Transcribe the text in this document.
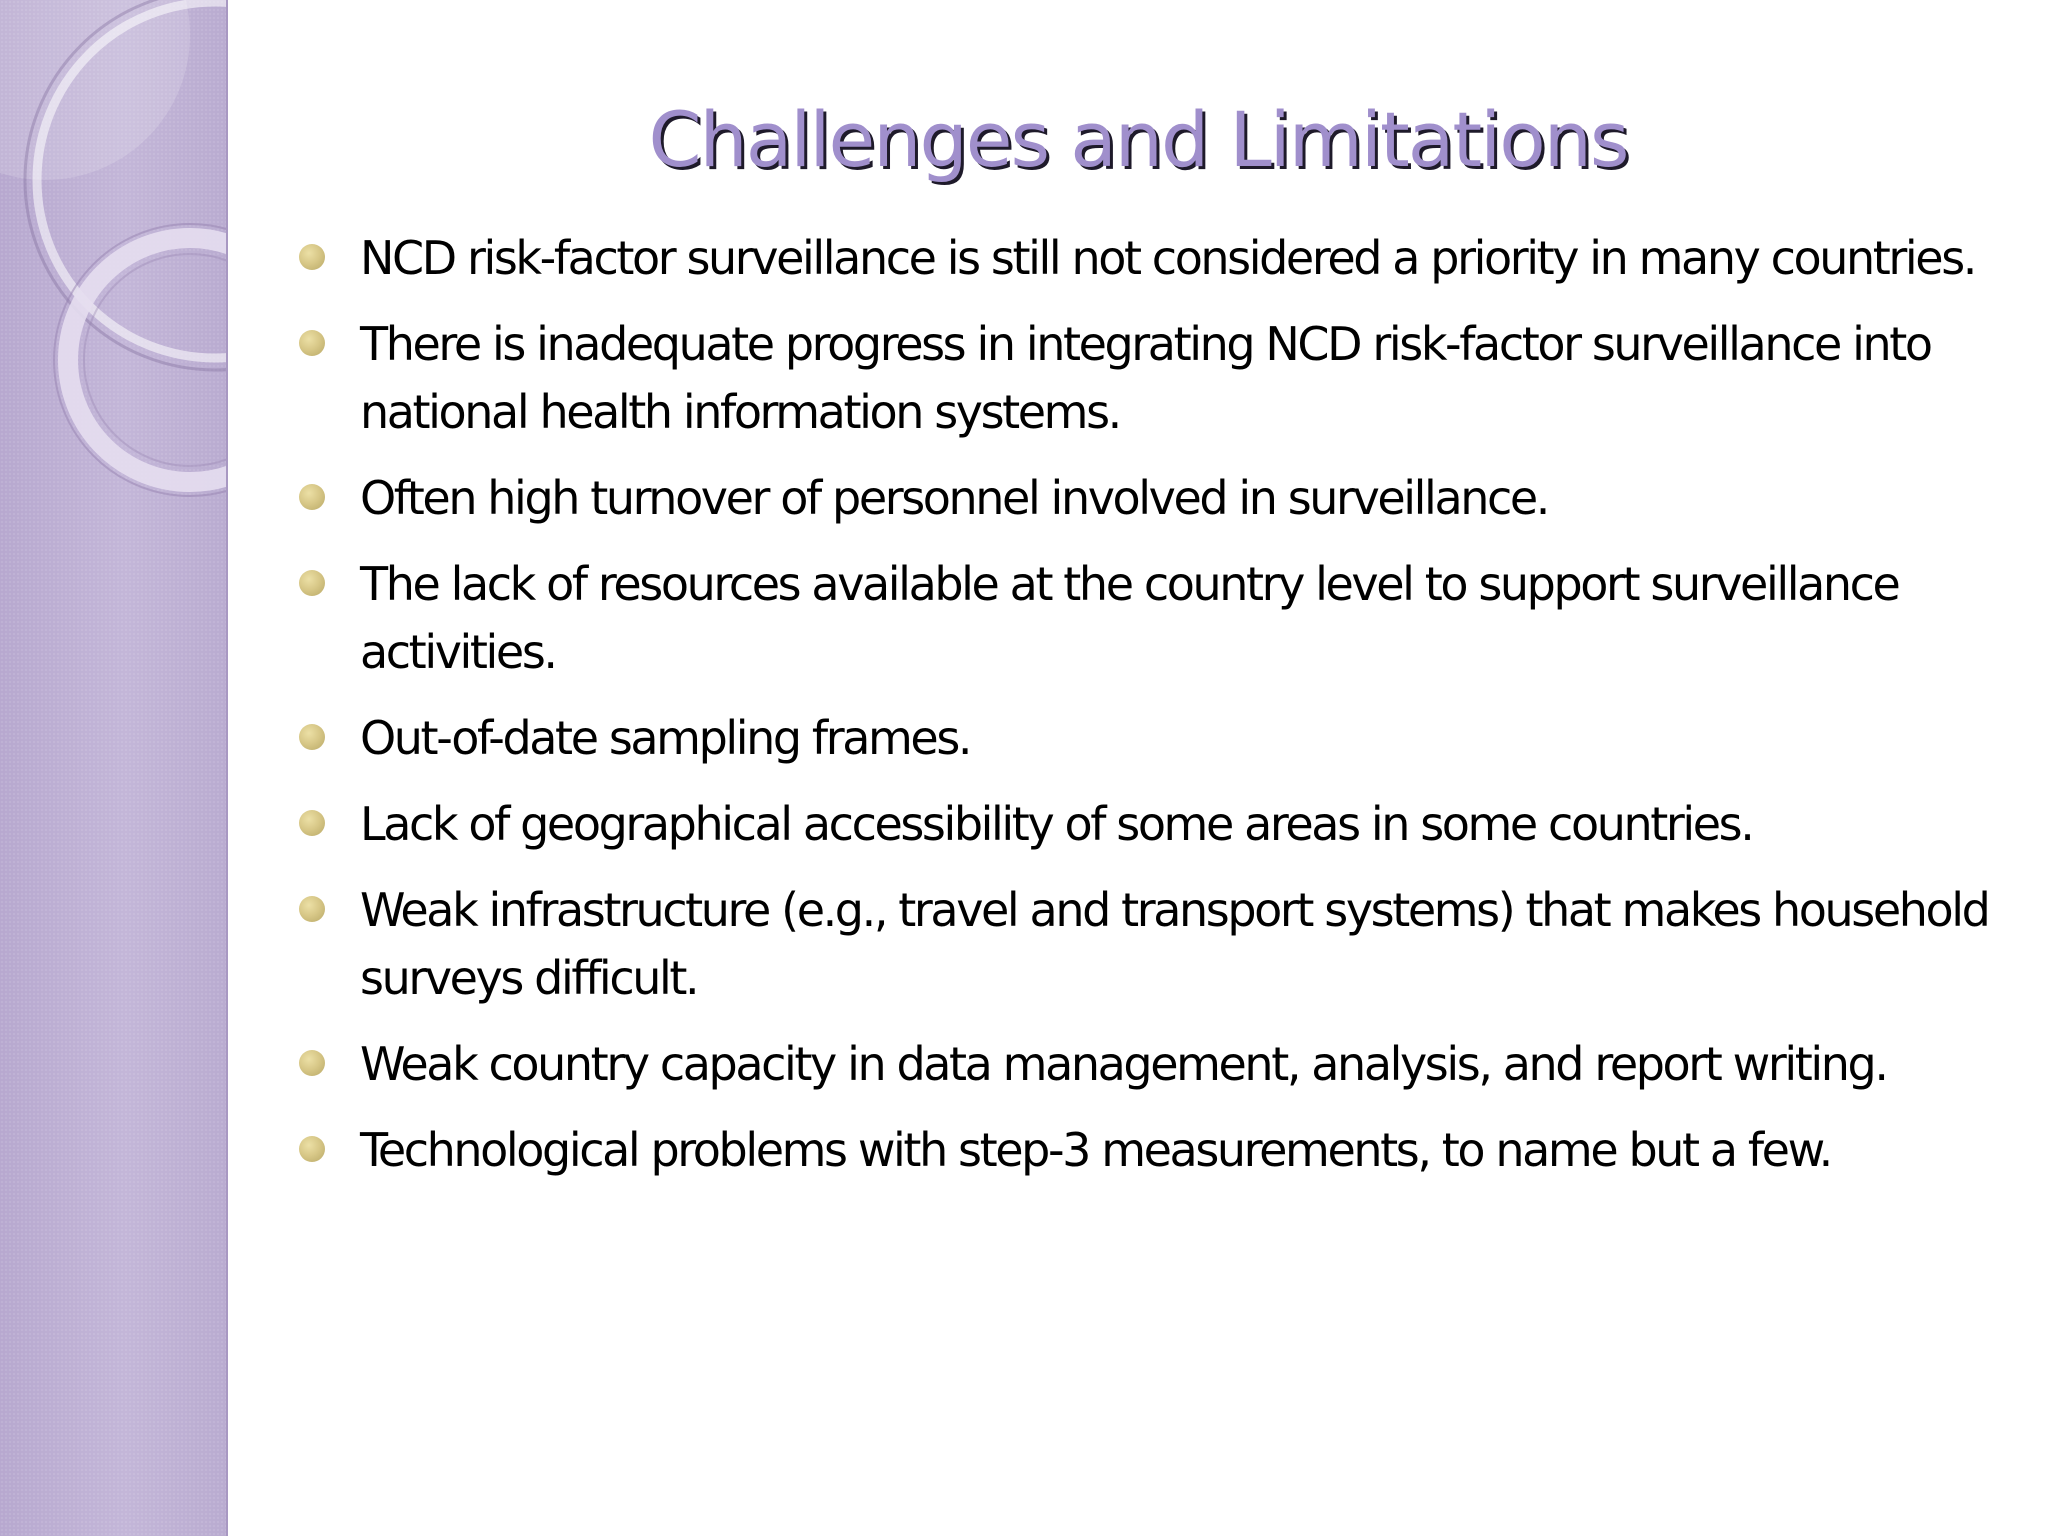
Challenges and Limitations
NCD risk-factor surveillance is still not considered a priority in many countries.
There is inadequate progress in integrating NCD risk-factor surveillance into national health information systems.
Often high turnover of personnel involved in surveillance.
The lack of resources available at the country level to support surveillance activities.
Out-of-date sampling frames.
Lack of geographical accessibility of some areas in some countries.
Weak infrastructure (e.g., travel and transport systems) that makes household surveys difficult.
Weak country capacity in data management, analysis, and report writing.
Technological problems with step-3 measurements, to name but a few.
